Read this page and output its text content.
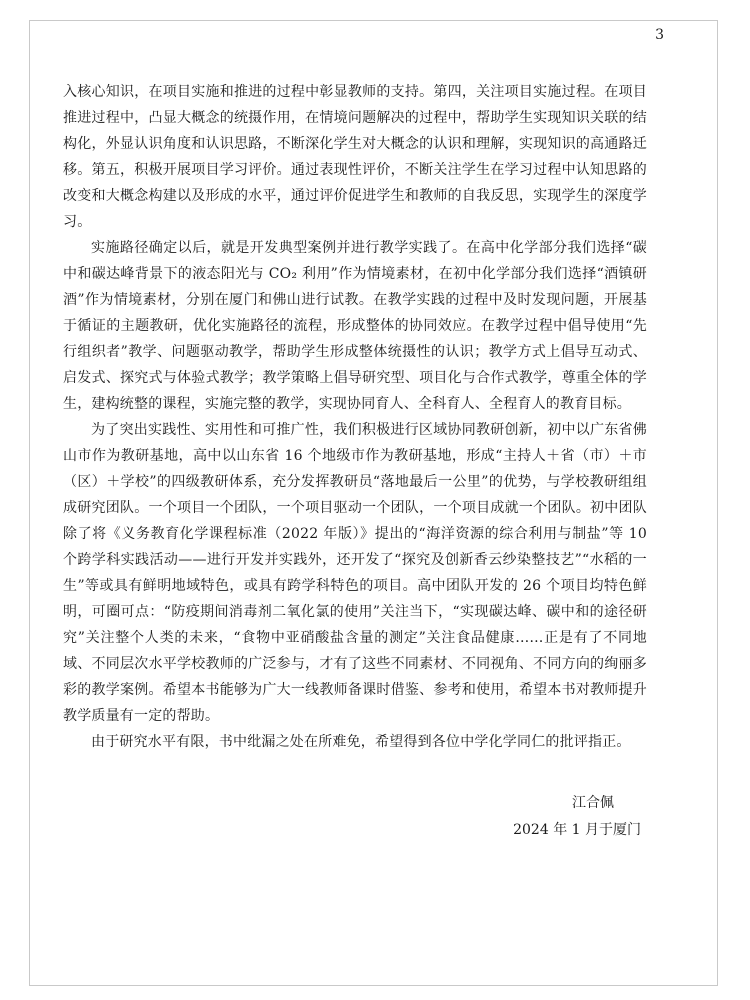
3

入核心知识，在项目实施和推进的过程中彰显教师的支持。第四，关注项目实施过程。在项目推进过程中，凸显大概念的统摄作用，在情境问题解决的过程中，帮助学生实现知识关联的结构化，外显认识角度和认识思路，不断深化学生对大概念的认识和理解，实现知识的高通路迁移。第五，积极开展项目学习评价。通过表现性评价，不断关注学生在学习过程中认知思路的改变和大概念构建以及形成的水平，通过评价促进学生和教师的自我反思，实现学生的深度学习。

实施路径确定以后，就是开发典型案例并进行教学实践了。在高中化学部分我们选择“碳中和碳达峰背景下的液态阳光与 CO₂ 利用”作为情境素材，在初中化学部分我们选择“酒镇研酒”作为情境素材，分别在厦门和佛山进行试教。在教学实践的过程中及时发现问题，开展基于循证的主题教研，优化实施路径的流程，形成整体的协同效应。在教学过程中倡导使用“先行组织者”教学、问题驱动教学，帮助学生形成整体统摄性的认识；教学方式上倡导互动式、启发式、探究式与体验式教学；教学策略上倡导研究型、项目化与合作式教学，尊重全体的学生，建构统整的课程，实施完整的教学，实现协同育人、全科育人、全程育人的教育目标。

为了突出实践性、实用性和可推广性，我们积极进行区域协同教研创新，初中以广东省佛山市作为教研基地，高中以山东省 16 个地级市作为教研基地，形成“主持人＋省（市）＋市（区）＋学校”的四级教研体系，充分发挥教研员“落地最后一公里”的优势，与学校教研组组成研究团队。一个项目一个团队，一个项目驱动一个团队，一个项目成就一个团队。初中团队除了将《义务教育化学课程标准（2022 年版）》提出的“海洋资源的综合利用与制盐”等 10 个跨学科实践活动——进行开发并实践外，还开发了“探究及创新香云纱染整技艺”“水稻的一生”等或具有鲜明地域特色，或具有跨学科特色的项目。高中团队开发的 26 个项目均特色鲜明，可圈可点：“防疫期间消毒剂二氧化氯的使用”关注当下，“实现碳达峰、碳中和的途径研究”关注整个人类的未来，“食物中亚硝酸盐含量的测定”关注食品健康……正是有了不同地域、不同层次水平学校教师的广泛参与，才有了这些不同素材、不同视角、不同方向的绚丽多彩的教学案例。希望本书能够为广大一线教师备课时借鉴、参考和使用，希望本书对教师提升教学质量有一定的帮助。

由于研究水平有限，书中纰漏之处在所难免，希望得到各位中学化学同仁的批评指正。

江合佩
2024 年 1 月于厦门
